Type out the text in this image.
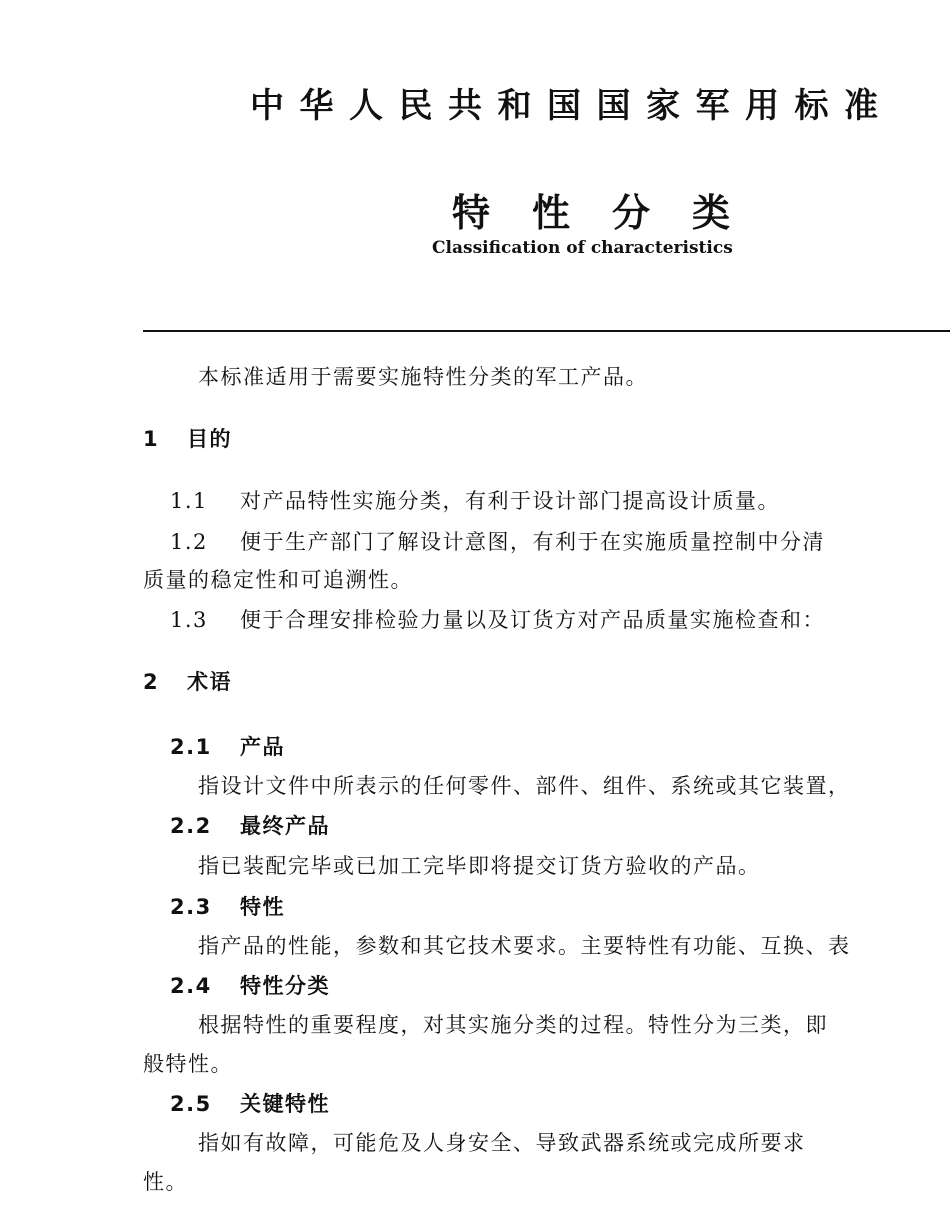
中 华 人 民 共 和 国 国 家 军 用 标 准
特 性 分 类
Classification of characteristics
本标准适用于需要实施特性分类的军工产品。
1 目的
1.1 对产品特性实施分类，有利于设计部门提高设计质量。
1.2 便于生产部门了解设计意图，有利于在实施质量控制中分清
质量的稳定性和可追溯性。
1.3 便于合理安排检验力量以及订货方对产品质量实施检查和：
2 术语
2.1 产品
指设计文件中所表示的任何零件、部件、组件、系统或其它装置，
2.2 最终产品
指已装配完毕或已加工完毕即将提交订货方验收的产品。
2.3 特性
指产品的性能，参数和其它技术要求。主要特性有功能、互换、表
2.4 特性分类
根据特性的重要程度，对其实施分类的过程。特性分为三类，即
般特性。
2.5 关键特性
指如有故障，可能危及人身安全、导致武器系统或完成所要求
性。
